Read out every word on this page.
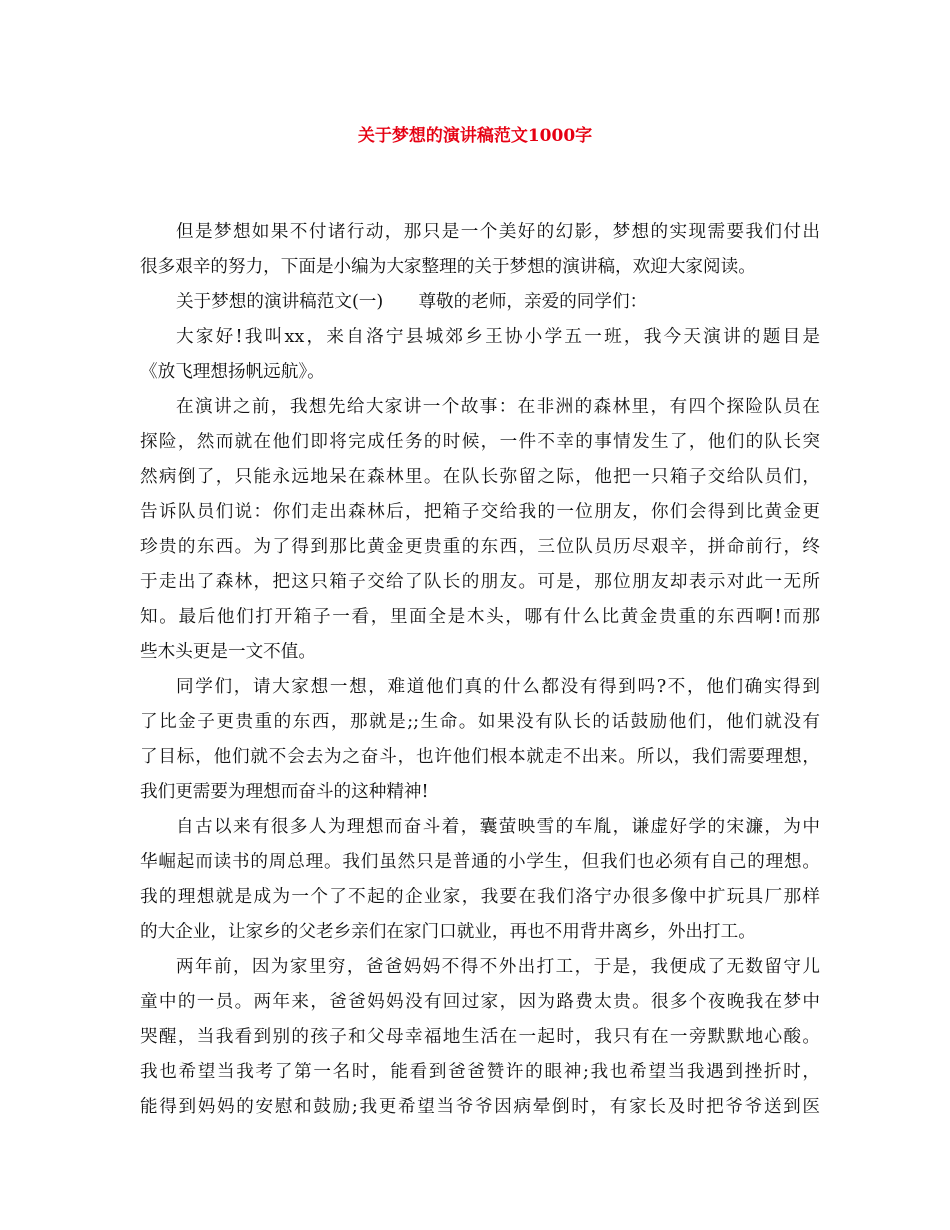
关于梦想的演讲稿范文1000字
但是梦想如果不付诸行动，那只是一个美好的幻影，梦想的实现需要我们付出
很多艰辛的努力，下面是小编为大家整理的关于梦想的演讲稿，欢迎大家阅读。
关于梦想的演讲稿范文(一)　　尊敬的老师，亲爱的同学们：
大家好!我叫xx，来自洛宁县城郊乡王协小学五一班，我今天演讲的题目是
《放飞理想扬帆远航》。
在演讲之前，我想先给大家讲一个故事：在非洲的森林里，有四个探险队员在
探险，然而就在他们即将完成任务的时候，一件不幸的事情发生了，他们的队长突
然病倒了，只能永远地呆在森林里。在队长弥留之际，他把一只箱子交给队员们，
告诉队员们说：你们走出森林后，把箱子交给我的一位朋友，你们会得到比黄金更
珍贵的东西。为了得到那比黄金更贵重的东西，三位队员历尽艰辛，拼命前行，终
于走出了森林，把这只箱子交给了队长的朋友。可是，那位朋友却表示对此一无所
知。最后他们打开箱子一看，里面全是木头，哪有什么比黄金贵重的东西啊!而那
些木头更是一文不值。
同学们，请大家想一想，难道他们真的什么都没有得到吗?不，他们确实得到
了比金子更贵重的东西，那就是;;生命。如果没有队长的话鼓励他们，他们就没有
了目标，他们就不会去为之奋斗，也许他们根本就走不出来。所以，我们需要理想，
我们更需要为理想而奋斗的这种精神!
自古以来有很多人为理想而奋斗着，囊萤映雪的车胤，谦虚好学的宋濂，为中
华崛起而读书的周总理。我们虽然只是普通的小学生，但我们也必须有自己的理想。
我的理想就是成为一个了不起的企业家，我要在我们洛宁办很多像中扩玩具厂那样
的大企业，让家乡的父老乡亲们在家门口就业，再也不用背井离乡，外出打工。
两年前，因为家里穷，爸爸妈妈不得不外出打工，于是，我便成了无数留守儿
童中的一员。两年来，爸爸妈妈没有回过家，因为路费太贵。很多个夜晚我在梦中
哭醒，当我看到别的孩子和父母幸福地生活在一起时，我只有在一旁默默地心酸。
我也希望当我考了第一名时，能看到爸爸赞许的眼神;我也希望当我遇到挫折时，
能得到妈妈的安慰和鼓励;我更希望当爷爷因病晕倒时，有家长及时把爷爷送到医
